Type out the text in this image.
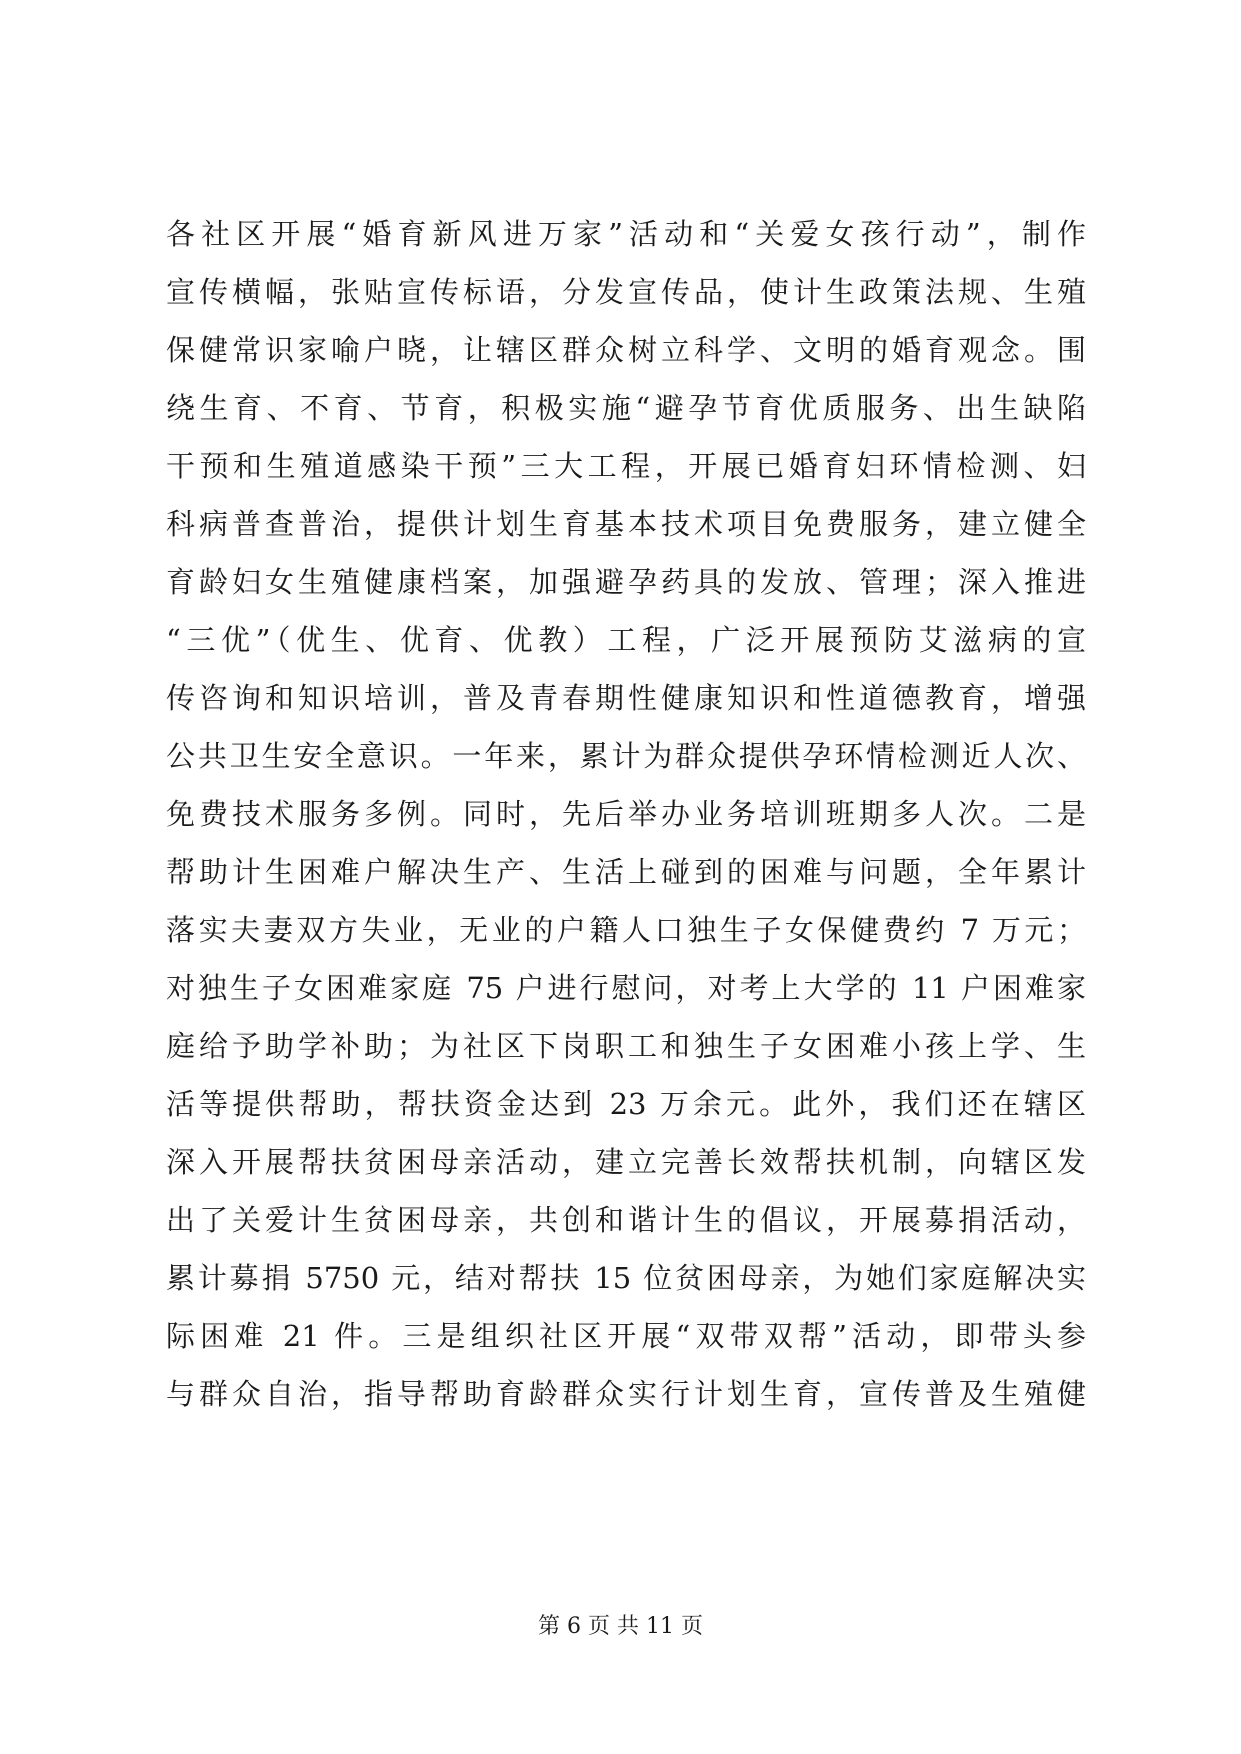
各社区开展“婚育新风进万家”活动和“关爱女孩行动”，制作
宣传横幅，张贴宣传标语，分发宣传品，使计生政策法规、生殖
保健常识家喻户晓，让辖区群众树立科学、文明的婚育观念。围
绕生育、不育、节育，积极实施“避孕节育优质服务、出生缺陷
干预和生殖道感染干预”三大工程，开展已婚育妇环情检测、妇
科病普查普治，提供计划生育基本技术项目免费服务，建立健全
育龄妇女生殖健康档案，加强避孕药具的发放、管理；深入推进
“三优”（优生、优育、优教）工程，广泛开展预防艾滋病的宣
传咨询和知识培训，普及青春期性健康知识和性道德教育，增强
公共卫生安全意识。一年来，累计为群众提供孕环情检测近人次、
免费技术服务多例。同时，先后举办业务培训班期多人次。二是
帮助计生困难户解决生产、生活上碰到的困难与问题，全年累计
落实夫妻双方失业，无业的户籍人口独生子女保健费约 7 万元；
对独生子女困难家庭 75 户进行慰问，对考上大学的 11 户困难家
庭给予助学补助；为社区下岗职工和独生子女困难小孩上学、生
活等提供帮助，帮扶资金达到 23 万余元。此外，我们还在辖区
深入开展帮扶贫困母亲活动，建立完善长效帮扶机制，向辖区发
出了关爱计生贫困母亲，共创和谐计生的倡议，开展募捐活动，
累计募捐 5750 元，结对帮扶 15 位贫困母亲，为她们家庭解决实
际困难 21 件。三是组织社区开展“双带双帮”活动，即带头参
与群众自治，指导帮助育龄群众实行计划生育，宣传普及生殖健
第 6 页 共 11 页
